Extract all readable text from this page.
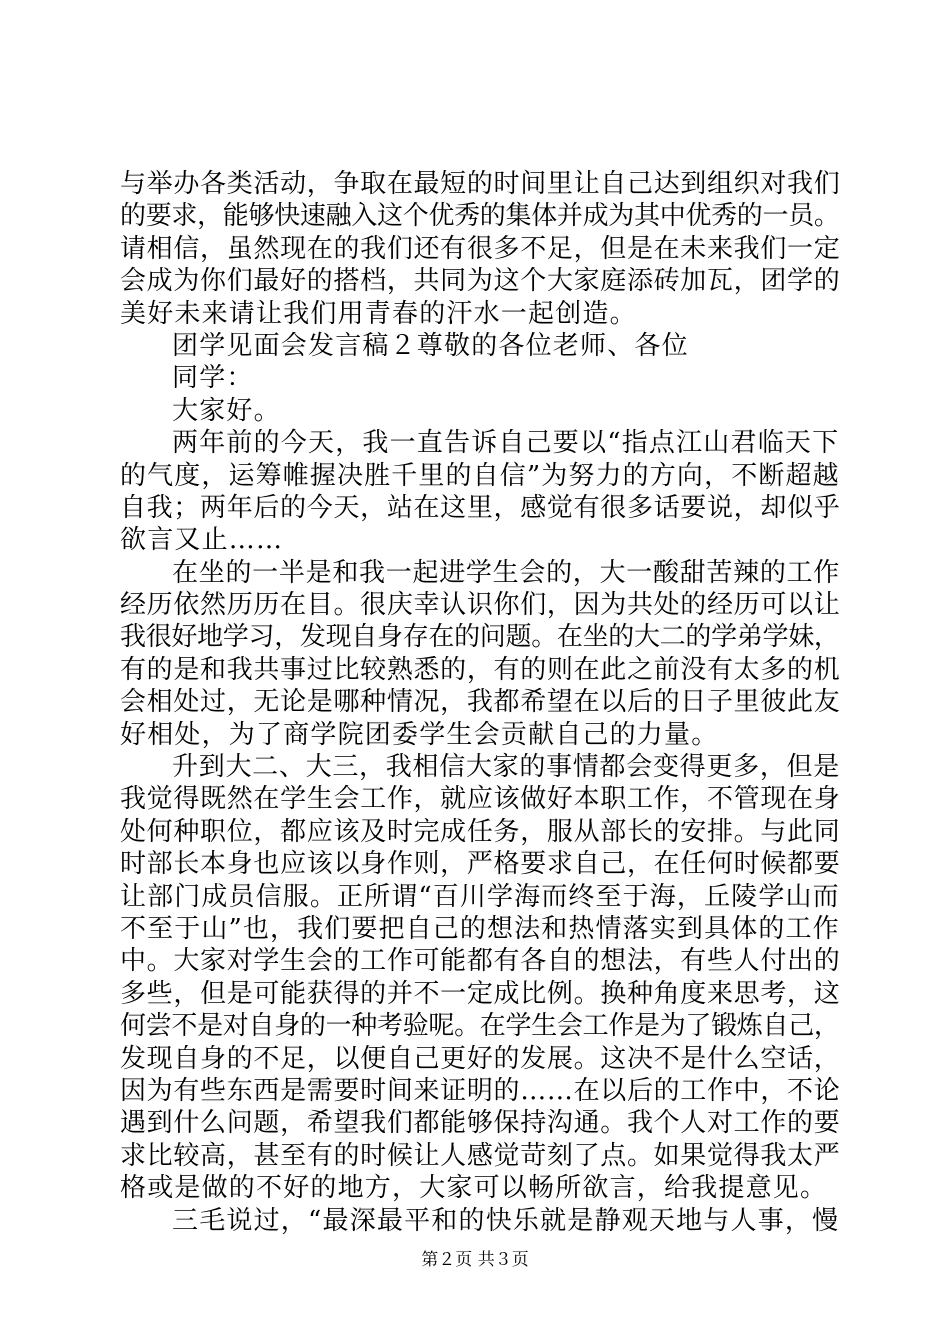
与举办各类活动，争取在最短的时间里让自己达到组织对我们
的要求，能够快速融入这个优秀的集体并成为其中优秀的一员。
请相信，虽然现在的我们还有很多不足，但是在未来我们一定
会成为你们最好的搭档，共同为这个大家庭添砖加瓦，团学的
美好未来请让我们用青春的汗水一起创造。
团学见面会发言稿２尊敬的各位老师、各位
同学：
大家好。
两年前的今天，我一直告诉自己要以“指点江山君临天下
的气度，运筹帷握决胜千里的自信”为努力的方向，不断超越
自我；两年后的今天，站在这里，感觉有很多话要说，却似乎
欲言又止……
在坐的一半是和我一起进学生会的，大一酸甜苦辣的工作
经历依然历历在目。很庆幸认识你们，因为共处的经历可以让
我很好地学习，发现自身存在的问题。在坐的大二的学弟学妹，
有的是和我共事过比较熟悉的，有的则在此之前没有太多的机
会相处过，无论是哪种情况，我都希望在以后的日子里彼此友
好相处，为了商学院团委学生会贡献自己的力量。
升到大二、大三，我相信大家的事情都会变得更多，但是
我觉得既然在学生会工作，就应该做好本职工作，不管现在身
处何种职位，都应该及时完成任务，服从部长的安排。与此同
时部长本身也应该以身作则，严格要求自己，在任何时候都要
让部门成员信服。正所谓“百川学海而终至于海，丘陵学山而
不至于山”也，我们要把自己的想法和热情落实到具体的工作
中。大家对学生会的工作可能都有各自的想法，有些人付出的
多些，但是可能获得的并不一定成比例。换种角度来思考，这
何尝不是对自身的一种考验呢。在学生会工作是为了锻炼自己，
发现自身的不足，以便自己更好的发展。这决不是什么空话，
因为有些东西是需要时间来证明的……在以后的工作中，不论
遇到什么问题，希望我们都能够保持沟通。我个人对工作的要
求比较高，甚至有的时候让人感觉苛刻了点。如果觉得我太严
格或是做的不好的地方，大家可以畅所欲言，给我提意见。
三毛说过，“最深最平和的快乐就是静观天地与人事，慢
第２页 共３页
